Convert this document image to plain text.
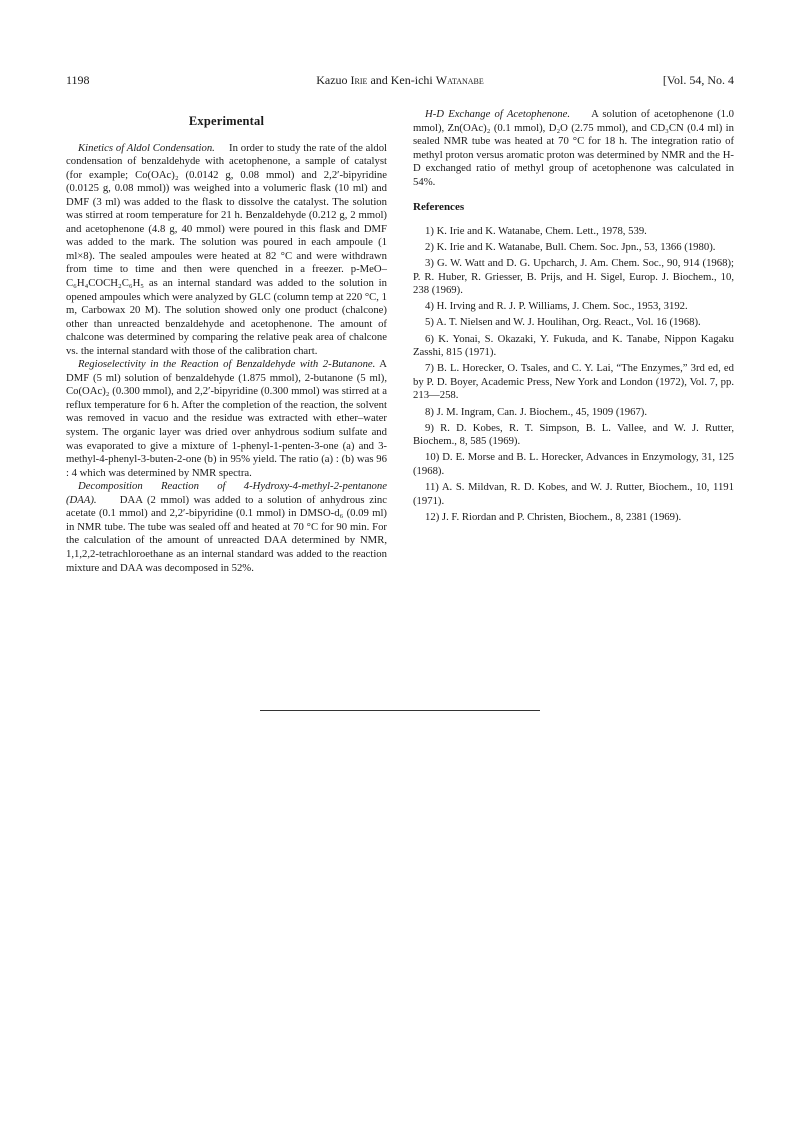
1198	Kazuo Irie and Ken-ichi Watanabe	[Vol. 54, No. 4
Experimental

Kinetics of Aldol Condensation. In order to study the rate of the aldol condensation of benzaldehyde with acetophenone, a sample of catalyst (for example; Co(OAc)₂ (0.0142 g, 0.08 mmol) and 2,2′-bipyridine (0.0125 g, 0.08 mmol)) was weighed into a volumeric flask (10 ml) and DMF (3 ml) was added to the flask to dissolve the catalyst. The solution was stirred at room temperature for 21 h. Benzaldehyde (0.212 g, 2 mmol) and acetophenone (4.8 g, 40 mmol) were poured in this flask and DMF was added to the mark. The solution was poured in each ampoule (1 ml×8). The sealed ampoules were heated at 82 °C and were withdrawn from time to time and then were quenched in a freezer. p-MeO–C₆H₄COCH₂C₆H₅ as an internal standard was added to the solution in opened ampoules which were analyzed by GLC (column temp at 220 °C, 1 m, Carbowax 20 M). The solution showed only one product (chalcone) other than unreacted benzaldehyde and acetophenone. The amount of chalcone was determined by comparing the relative peak area of chalcone vs. the internal standard with those of the calibration chart.

Regioselectivity in the Reaction of Benzaldehyde with 2-Butanone. A DMF (5 ml) solution of benzaldehyde (1.875 mmol), 2-butanone (5 ml), Co(OAc)₂ (0.300 mmol), and 2,2′-bipyridine (0.300 mmol) was stirred at a reflux temperature for 6 h. After the completion of the reaction, the solvent was removed in vacuo and the residue was extracted with ether–water system. The organic layer was dried over anhydrous sodium sulfate and was evaporated to give a mixture of 1-phenyl-1-penten-3-one (a) and 3-methyl-4-phenyl-3-buten-2-one (b) in 95% yield. The ratio (a) : (b) was 96 : 4 which was determined by NMR spectra.

Decomposition Reaction of 4-Hydroxy-4-methyl-2-pentanone (DAA). DAA (2 mmol) was added to a solution of anhydrous zinc acetate (0.1 mmol) and 2,2′-bipyridine (0.1 mmol) in DMSO-d₆ (0.09 ml) in NMR tube. The tube was sealed off and heated at 70 °C for 90 min. For the calculation of the amount of unreacted DAA determined by NMR, 1,1,2,2-tetrachloroethane as an internal standard was added to the reaction mixture and DAA was decomposed in 52%.

H-D Exchange of Acetophenone. A solution of acetophenone (1.0 mmol), Zn(OAc)₂ (0.1 mmol), D₂O (2.75 mmol), and CD₃CN (0.4 ml) in sealed NMR tube was heated at 70 °C for 18 h. The integration ratio of methyl proton versus aromatic proton was determined by NMR and the H-D exchanged ratio of methyl group of acetophenone was calculated in 54%.

References
1) K. Irie and K. Watanabe, Chem. Lett., 1978, 539.
2) K. Irie and K. Watanabe, Bull. Chem. Soc. Jpn., 53, 1366 (1980).
3) G. W. Watt and D. G. Upcharch, J. Am. Chem. Soc., 90, 914 (1968); P. R. Huber, R. Griesser, B. Prijs, and H. Sigel, Europ. J. Biochem., 10, 238 (1969).
4) H. Irving and R. J. P. Williams, J. Chem. Soc., 1953, 3192.
5) A. T. Nielsen and W. J. Houlihan, Org. React., Vol. 16 (1968).
6) K. Yonai, S. Okazaki, Y. Fukuda, and K. Tanabe, Nippon Kagaku Zasshi, 815 (1971).
7) B. L. Horecker, O. Tsales, and C. Y. Lai, “The Enzymes,” 3rd ed, ed by P. D. Boyer, Academic Press, New York and London (1972), Vol. 7, pp. 213—258.
8) J. M. Ingram, Can. J. Biochem., 45, 1909 (1967).
9) R. D. Kobes, R. T. Simpson, B. L. Vallee, and W. J. Rutter, Biochem., 8, 585 (1969).
10) D. E. Morse and B. L. Horecker, Advances in Enzymology, 31, 125 (1968).
11) A. S. Mildvan, R. D. Kobes, and W. J. Rutter, Biochem., 10, 1191 (1971).
12) J. F. Riordan and P. Christen, Biochem., 8, 2381 (1969).
